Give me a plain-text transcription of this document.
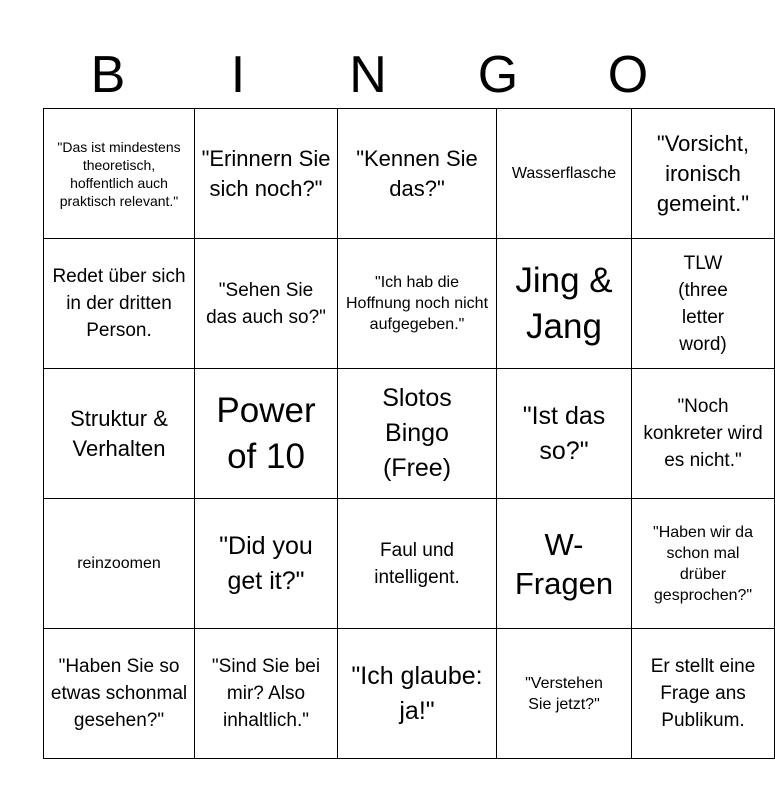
B	I	N	G	O
"Das ist mindestens theoretisch, hoffentlich auch praktisch relevant."	"Erinnern Sie sich noch?"	"Kennen Sie das?"	Wasserflasche	"Vorsicht, ironisch gemeint."
Redet über sich in der dritten Person.	"Sehen Sie das auch so?"	"Ich hab die Hoffnung noch nicht aufgegeben."	Jing & Jang	TLW (three letter word)
Struktur & Verhalten	Power of 10	Slotos Bingo (Free)	"Ist das so?"	"Noch konkreter wird es nicht."
reinzoomen	"Did you get it?"	Faul und intelligent.	W-Fragen	"Haben wir da schon mal drüber gesprochen?"
"Haben Sie so etwas schonmal gesehen?"	"Sind Sie bei mir? Also inhaltlich."	"Ich glaube: ja!"	"Verstehen Sie jetzt?"	Er stellt eine Frage ans Publikum.
